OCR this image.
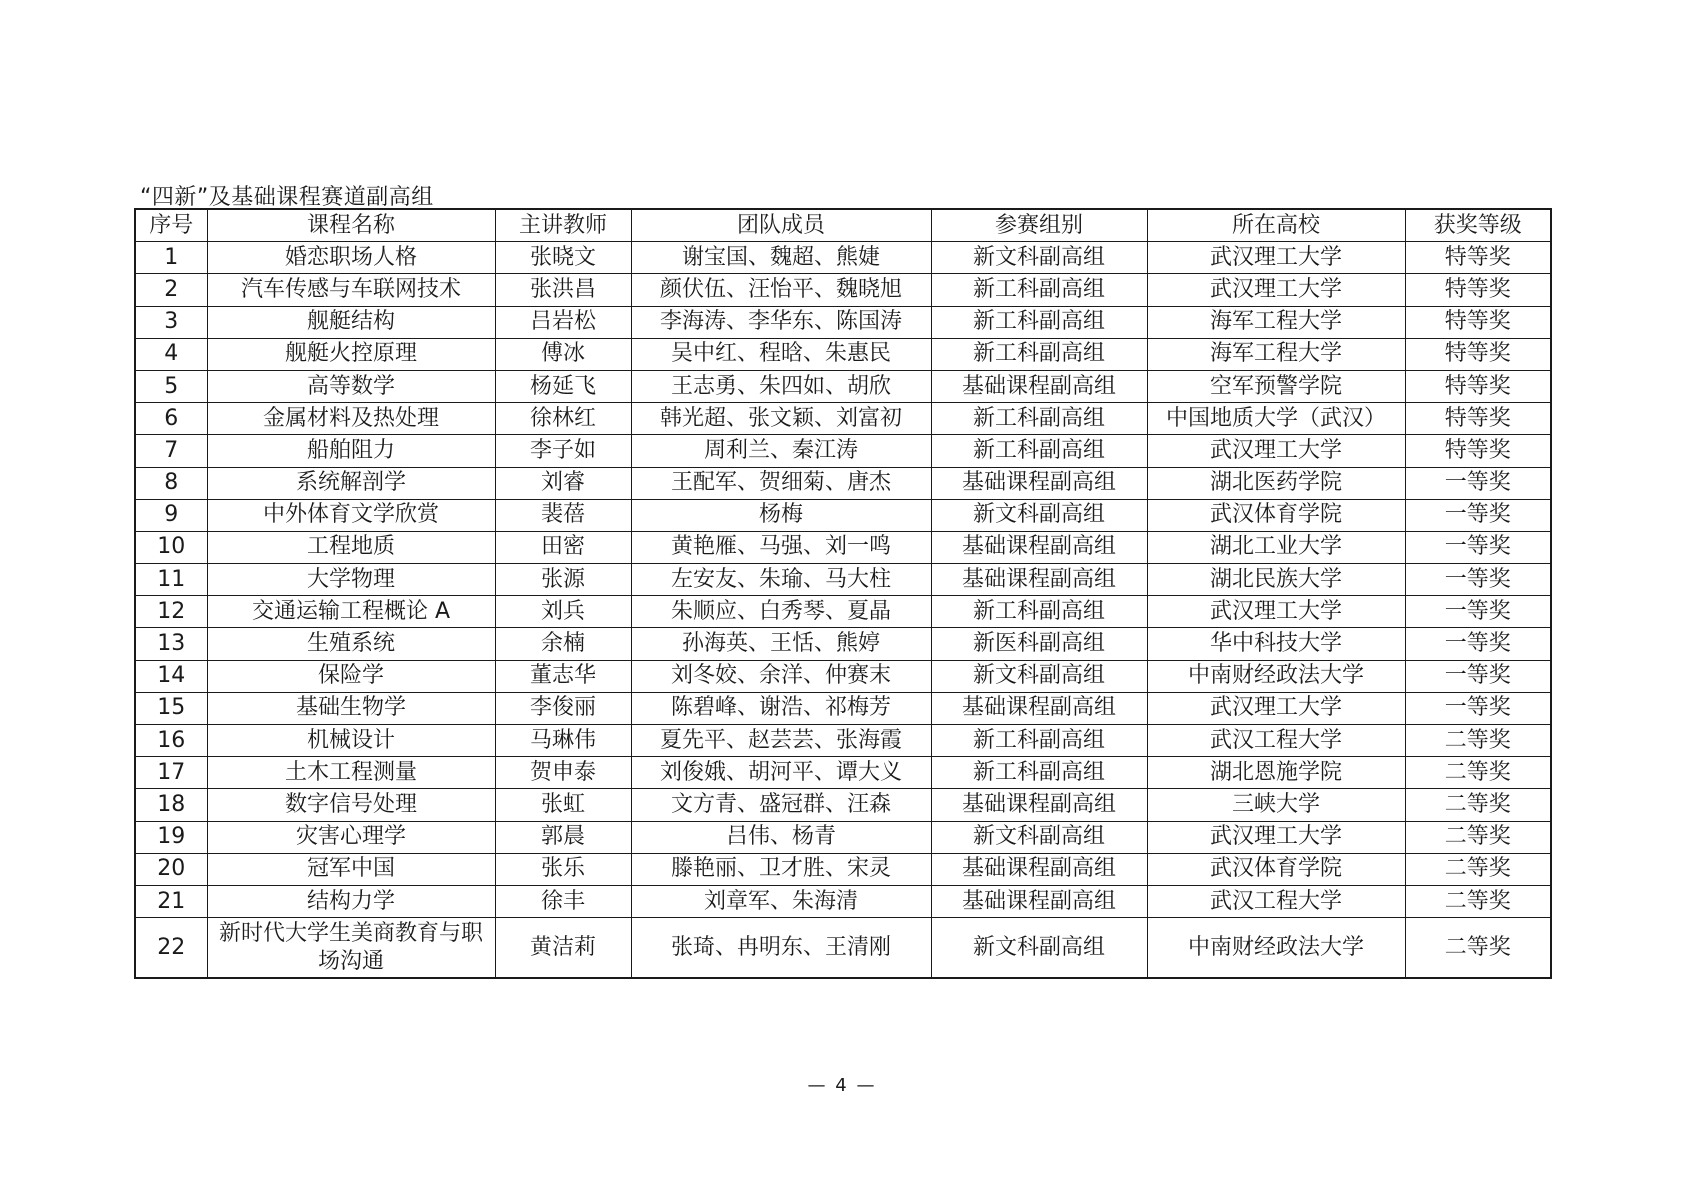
“四新”及基础课程赛道副高组
序号	课程名称	主讲教师	团队成员	参赛组别	所在高校	获奖等级
1	婚恋职场人格	张晓文	谢宝国、魏超、熊婕	新文科副高组	武汉理工大学	特等奖
2	汽车传感与车联网技术	张洪昌	颜伏伍、汪怡平、魏晓旭	新工科副高组	武汉理工大学	特等奖
3	舰艇结构	吕岩松	李海涛、李华东、陈国涛	新工科副高组	海军工程大学	特等奖
4	舰艇火控原理	傅冰	吴中红、程晗、朱惠民	新工科副高组	海军工程大学	特等奖
5	高等数学	杨延飞	王志勇、朱四如、胡欣	基础课程副高组	空军预警学院	特等奖
6	金属材料及热处理	徐林红	韩光超、张文颖、刘富初	新工科副高组	中国地质大学（武汉）	特等奖
7	船舶阻力	李子如	周利兰、秦江涛	新工科副高组	武汉理工大学	特等奖
8	系统解剖学	刘睿	王配军、贺细菊、唐杰	基础课程副高组	湖北医药学院	一等奖
9	中外体育文学欣赏	裴蓓	杨梅	新文科副高组	武汉体育学院	一等奖
10	工程地质	田密	黄艳雁、马强、刘一鸣	基础课程副高组	湖北工业大学	一等奖
11	大学物理	张源	左安友、朱瑜、马大柱	基础课程副高组	湖北民族大学	一等奖
12	交通运输工程概论 A	刘兵	朱顺应、白秀琴、夏晶	新工科副高组	武汉理工大学	一等奖
13	生殖系统	余楠	孙海英、王恬、熊婷	新医科副高组	华中科技大学	一等奖
14	保险学	董志华	刘冬姣、余洋、仲赛末	新文科副高组	中南财经政法大学	一等奖
15	基础生物学	李俊丽	陈碧峰、谢浩、祁梅芳	基础课程副高组	武汉理工大学	一等奖
16	机械设计	马琳伟	夏先平、赵芸芸、张海霞	新工科副高组	武汉工程大学	二等奖
17	土木工程测量	贺申泰	刘俊娥、胡河平、谭大义	新工科副高组	湖北恩施学院	二等奖
18	数字信号处理	张虹	文方青、盛冠群、汪森	基础课程副高组	三峡大学	二等奖
19	灾害心理学	郭晨	吕伟、杨青	新文科副高组	武汉理工大学	二等奖
20	冠军中国	张乐	滕艳丽、卫才胜、宋灵	基础课程副高组	武汉体育学院	二等奖
21	结构力学	徐丰	刘章军、朱海清	基础课程副高组	武汉工程大学	二等奖
22	新时代大学生美商教育与职场沟通	黄洁莉	张琦、冉明东、王清刚	新文科副高组	中南财经政法大学	二等奖
— 4 —
